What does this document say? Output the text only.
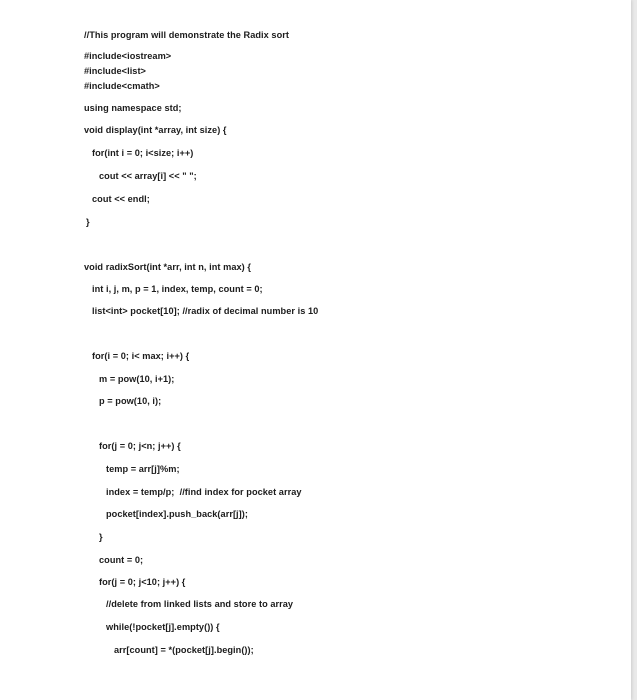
//This program will demonstrate the Radix sort
#include<iostream>
#include<list>
#include<cmath>
using namespace std;
void display(int *array, int size) {
for(int i = 0; i<size; i++)
cout << array[i] << " ";
cout << endl;
}
void radixSort(int *arr, int n, int max) {
int i, j, m, p = 1, index, temp, count = 0;
list<int> pocket[10]; //radix of decimal number is 10
for(i = 0; i< max; i++) {
m = pow(10, i+1);
p = pow(10, i);
for(j = 0; j<n; j++) {
temp = arr[j]%m;
index = temp/p;  //find index for pocket array
pocket[index].push_back(arr[j]);
}
count = 0;
for(j = 0; j<10; j++) {
//delete from linked lists and store to array
while(!pocket[j].empty()) {
arr[count] = *(pocket[j].begin());
